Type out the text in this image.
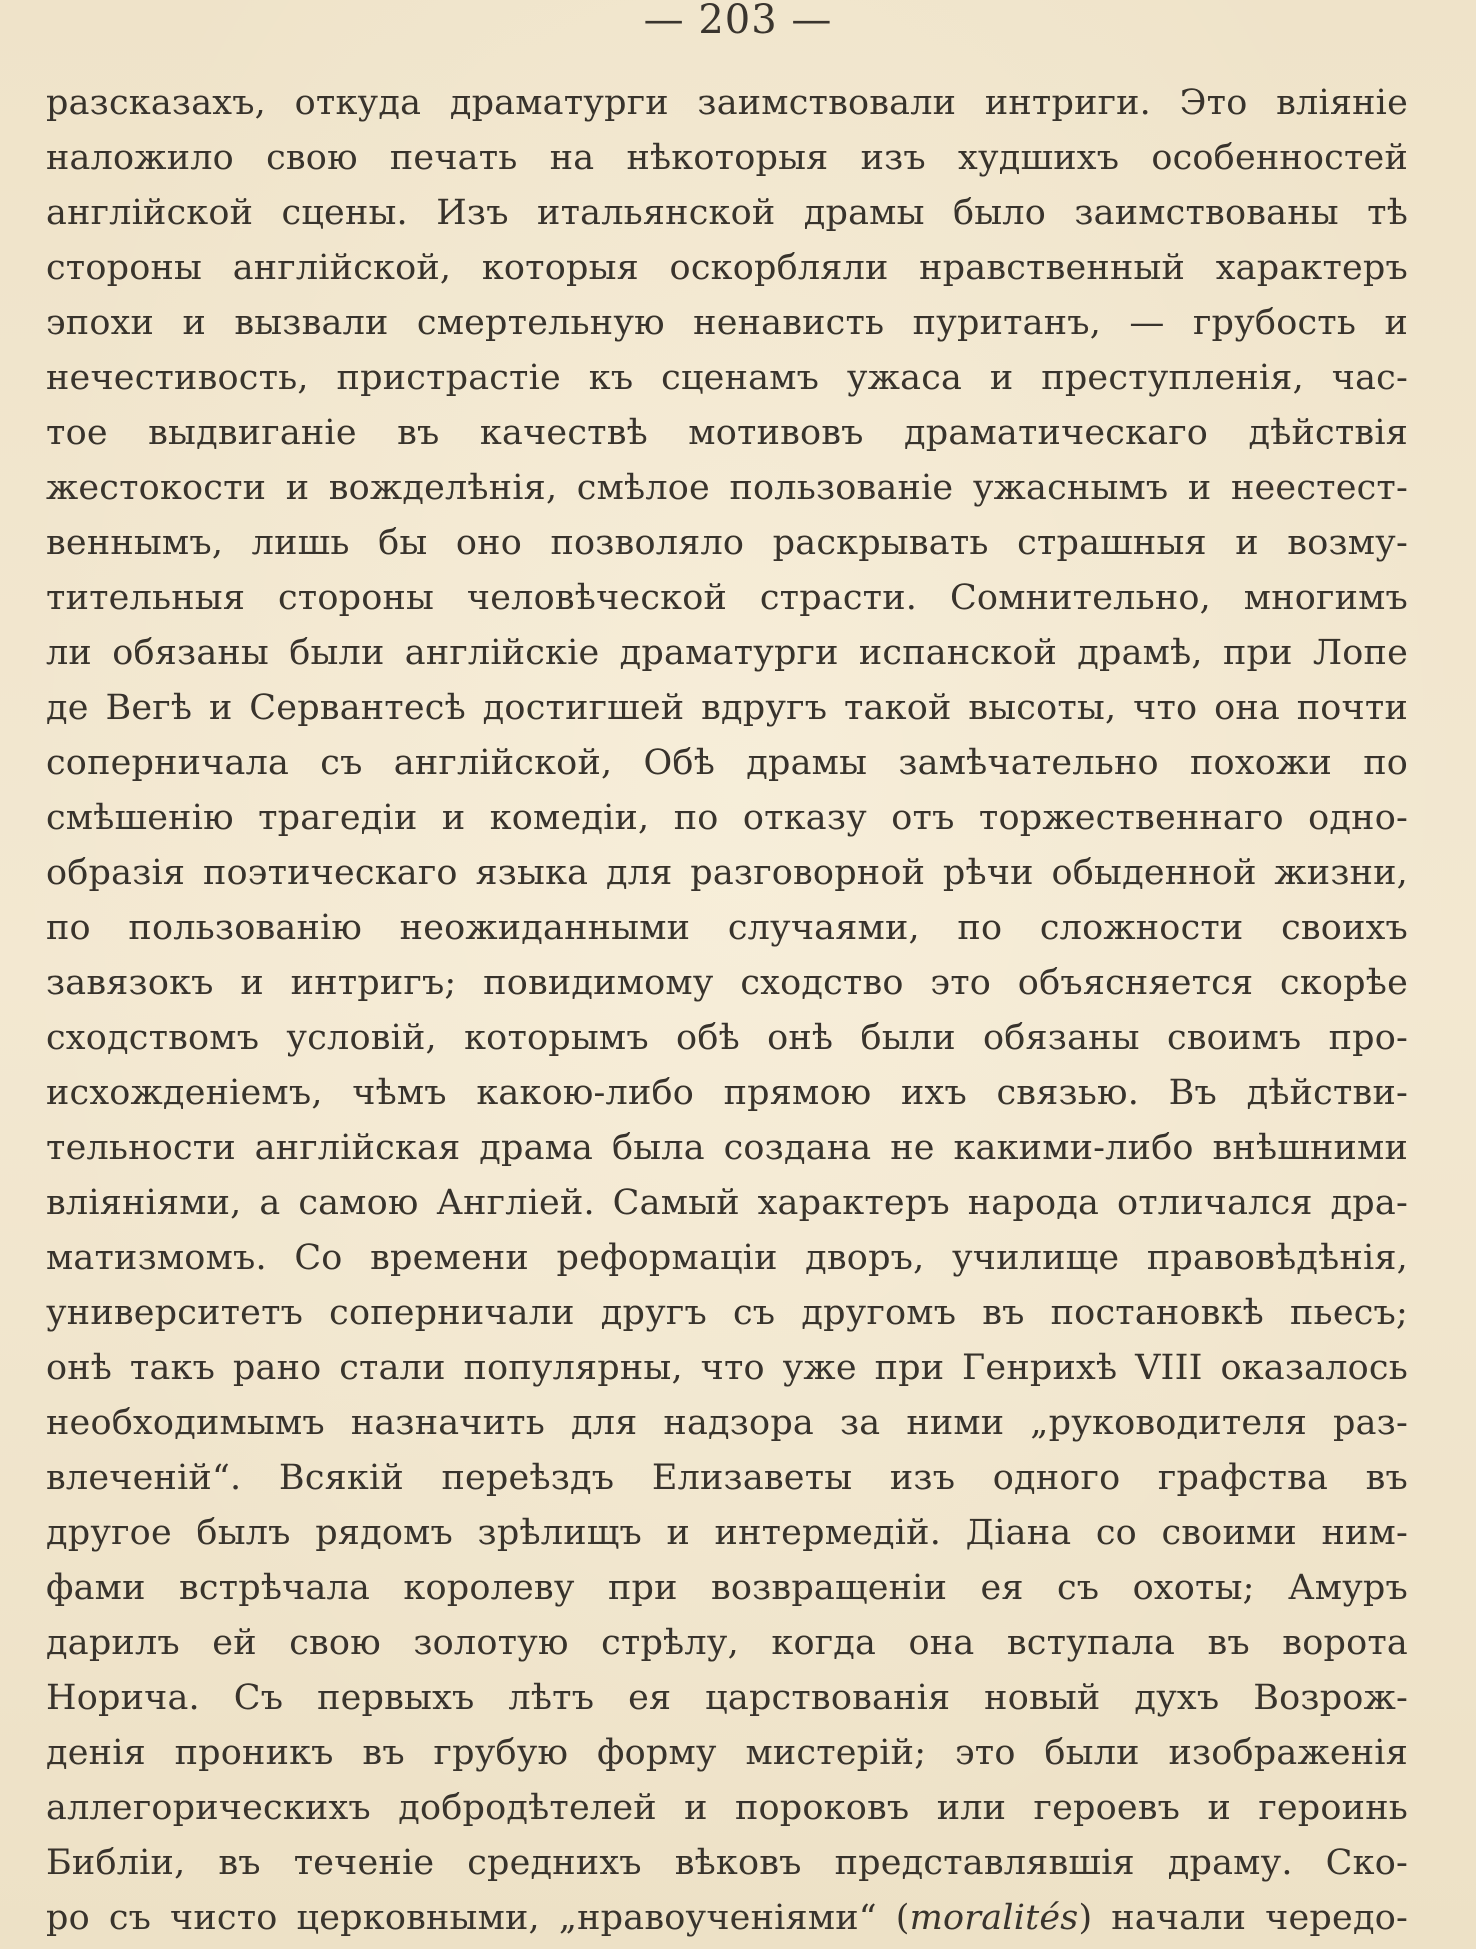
— 203 —
разсказахъ, откуда драматурги заимствовали интриги. Это вліяніе
наложило свою печать на нѣкоторыя изъ худшихъ особенностей
англійской сцены. Изъ итальянской драмы было заимствованы тѣ
стороны англійской, которыя оскорбляли нравственный характеръ
эпохи и вызвали смертельную ненависть пуританъ, — грубость и
нечестивость, пристрастіе къ сценамъ ужаса и преступленія, час-
тое выдвиганіе въ качествѣ мотивовъ драматическаго дѣйствія
жестокости и вожделѣнія, смѣлое пользованіе ужаснымъ и неестест-
веннымъ, лишь бы оно позволяло раскрывать страшныя и возму-
тительныя стороны человѣческой страсти. Сомнительно, многимъ
ли обязаны были англійскіе драматурги испанской драмѣ, при Лопе
де Вегѣ и Сервантесѣ достигшей вдругъ такой высоты, что она почти
соперничала съ англійской, Обѣ драмы замѣчательно похожи по
смѣшенію трагедіи и комедіи, по отказу отъ торжественнаго одно-
образія поэтическаго языка для разговорной рѣчи обыденной жизни,
по пользованію неожиданными случаями, по сложности своихъ
завязокъ и интригъ; повидимому сходство это объясняется скорѣе
сходствомъ условій, которымъ обѣ онѣ были обязаны своимъ про-
исхожденіемъ, чѣмъ какою-либо прямою ихъ связью. Въ дѣйстви-
тельности англійская драма была создана не какими-либо внѣшними
вліяніями, а самою Англіей. Самый характеръ народа отличался дра-
матизмомъ. Со времени реформаціи дворъ, училище правовѣдѣнія,
университетъ соперничали другъ съ другомъ въ постановкѣ пьесъ;
онѣ такъ рано стали популярны, что уже при Генрихѣ VIII оказалось
необходимымъ назначить для надзора за ними „руководителя раз-
влеченій“. Всякій переѣздъ Елизаветы изъ одного графства въ
другое былъ рядомъ зрѣлищъ и интермедій. Діана со своими ним-
фами встрѣчала королеву при возвращеніи ея съ охоты; Амуръ
дарилъ ей свою золотую стрѣлу, когда она вступала въ ворота
Норича. Съ первыхъ лѣтъ ея царствованія новый духъ Возрож-
денія проникъ въ грубую форму мистерій; это были изображенія
аллегорическихъ добродѣтелей и пороковъ или героевъ и героинь
Библіи, въ теченіе среднихъ вѣковъ представлявшія драму. Ско-
ро съ чисто церковными, „нравоученіями“ (moralités) начали чередо-
